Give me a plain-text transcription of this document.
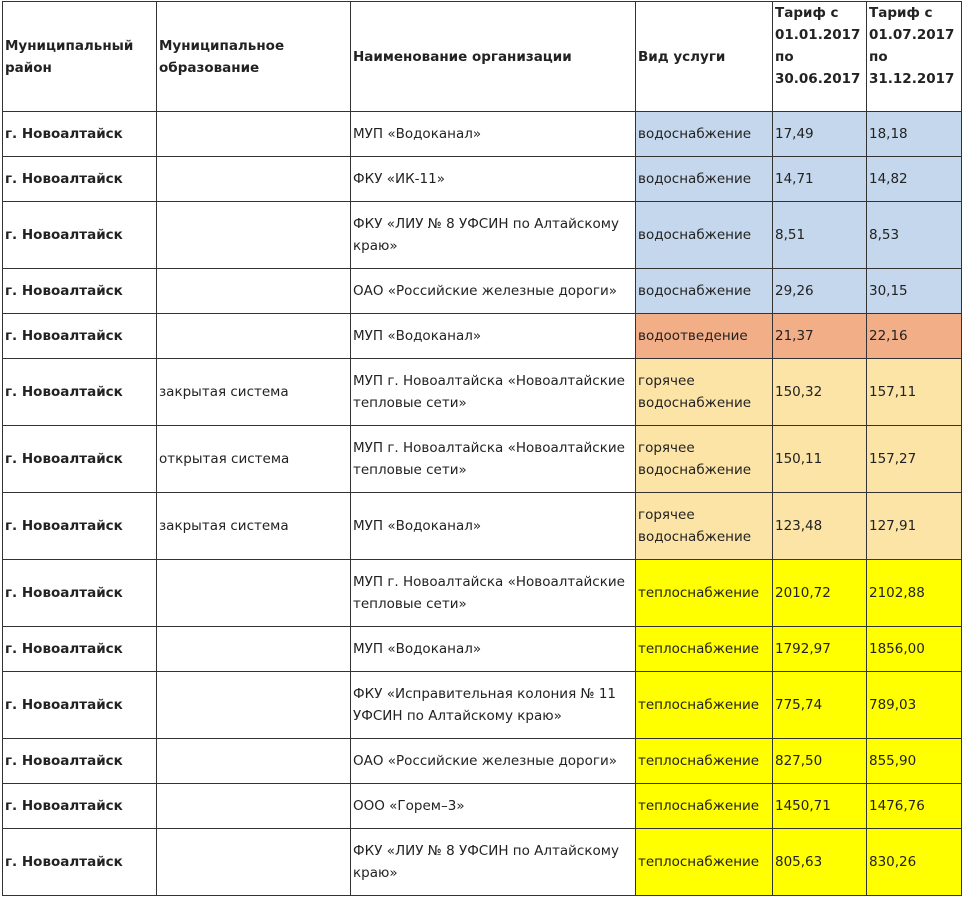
Муниципальный район	Муниципальное образование	Наименование организации	Вид услуги	Тариф с 01.01.2017 по 30.06.2017	Тариф с 01.07.2017 по 31.12.2017
г. Новоалтайск		МУП «Водоканал»	водоснабжение	17,49	18,18
г. Новоалтайск		ФКУ «ИК-11»	водоснабжение	14,71	14,82
г. Новоалтайск		ФКУ «ЛИУ № 8 УФСИН по Алтайскому краю»	водоснабжение	8,51	8,53
г. Новоалтайск		ОАО «Российские железные дороги»	водоснабжение	29,26	30,15
г. Новоалтайск		МУП «Водоканал»	водоотведение	21,37	22,16
г. Новоалтайск	закрытая система	МУП г. Новоалтайска «Новоалтайские тепловые сети»	горячее водоснабжение	150,32	157,11
г. Новоалтайск	открытая система	МУП г. Новоалтайска «Новоалтайские тепловые сети»	горячее водоснабжение	150,11	157,27
г. Новоалтайск	закрытая система	МУП «Водоканал»	горячее водоснабжение	123,48	127,91
г. Новоалтайск		МУП г. Новоалтайска «Новоалтайские тепловые сети»	теплоснабжение	2010,72	2102,88
г. Новоалтайск		МУП «Водоканал»	теплоснабжение	1792,97	1856,00
г. Новоалтайск		ФКУ «Исправительная колония № 11 УФСИН по Алтайскому краю»	теплоснабжение	775,74	789,03
г. Новоалтайск		ОАО «Российские железные дороги»	теплоснабжение	827,50	855,90
г. Новоалтайск		ООО «Горем–3»	теплоснабжение	1450,71	1476,76
г. Новоалтайск		ФКУ «ЛИУ № 8 УФСИН по Алтайскому краю»	теплоснабжение	805,63	830,26
